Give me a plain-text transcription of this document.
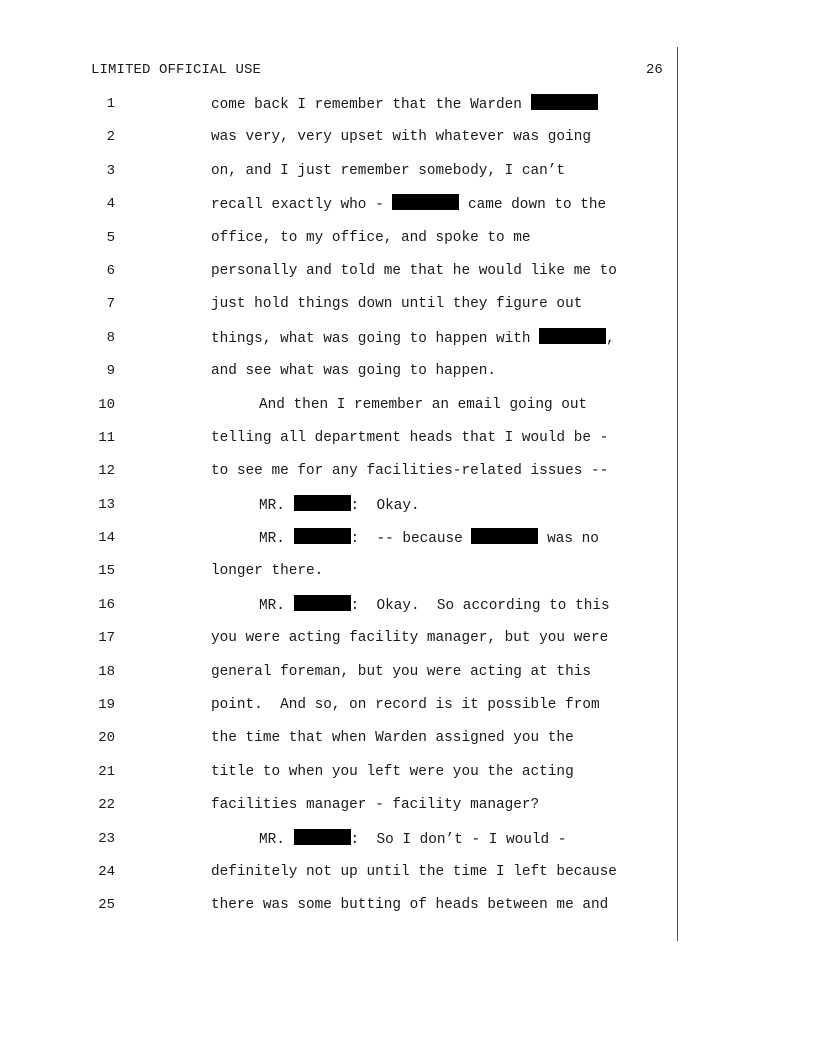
LIMITED OFFICIAL USE	26
1	come back I remember that the Warden
2	was very, very upset with whatever was going
3	on, and I just remember somebody, I can’t
4	recall exactly who -	came down to the
5	office, to my office, and spoke to me
6	personally and told me that he would like me to
7	just hold things down until they figure out
8	things, what was going to happen with	,
9	and see what was going to happen.
10	And then I remember an email going out
11	telling all department heads that I would be -
12	to see me for any facilities-related issues --
13	MR.	:  Okay.
14	MR.	:  -- because	was no
15	longer there.
16	MR.	:  Okay.  So according to this
17	you were acting facility manager, but you were
18	general foreman, but you were acting at this
19	point.  And so, on record is it possible from
20	the time that when Warden assigned you the
21	title to when you left were you the acting
22	facilities manager - facility manager?
23	MR.	:  So I don’t - I would -
24	definitely not up until the time I left because
25	there was some butting of heads between me and
